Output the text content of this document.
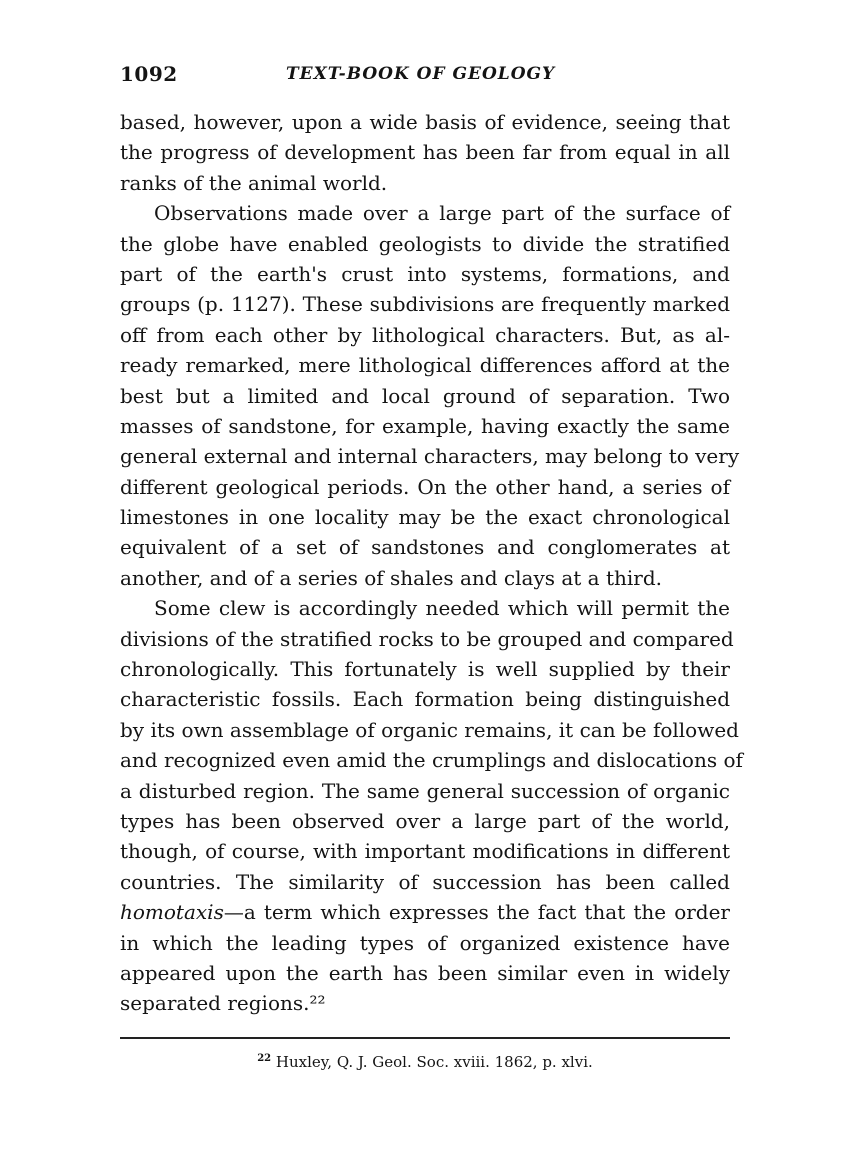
1092	TEXT-BOOK OF GEOLOGY
based, however, upon a wide basis of evidence, seeing that
the progress of development has been far from equal in all
ranks of the animal world.
Observations made over a large part of the surface of
the globe have enabled geologists to divide the stratified
part of the earth's crust into systems, formations, and
groups (p. 1127). These subdivisions are frequently marked
off from each other by lithological characters. But, as al-
ready remarked, mere lithological differences afford at the
best but a limited and local ground of separation. Two
masses of sandstone, for example, having exactly the same
general external and internal characters, may belong to very
different geological periods. On the other hand, a series of
limestones in one locality may be the exact chronological
equivalent of a set of sandstones and conglomerates at
another, and of a series of shales and clays at a third.
Some clew is accordingly needed which will permit the
divisions of the stratified rocks to be grouped and compared
chronologically. This fortunately is well supplied by their
characteristic fossils. Each formation being distinguished
by its own assemblage of organic remains, it can be followed
and recognized even amid the crumplings and dislocations of
a disturbed region. The same general succession of organic
types has been observed over a large part of the world,
though, of course, with important modifications in different
countries. The similarity of succession has been called
homotaxis—a term which expresses the fact that the order
in which the leading types of organized existence have
appeared upon the earth has been similar even in widely
separated regions.²²
$^{22}$ Huxley, Q. J. Geol. Soc. xviii. 1862, p. xlvi.
